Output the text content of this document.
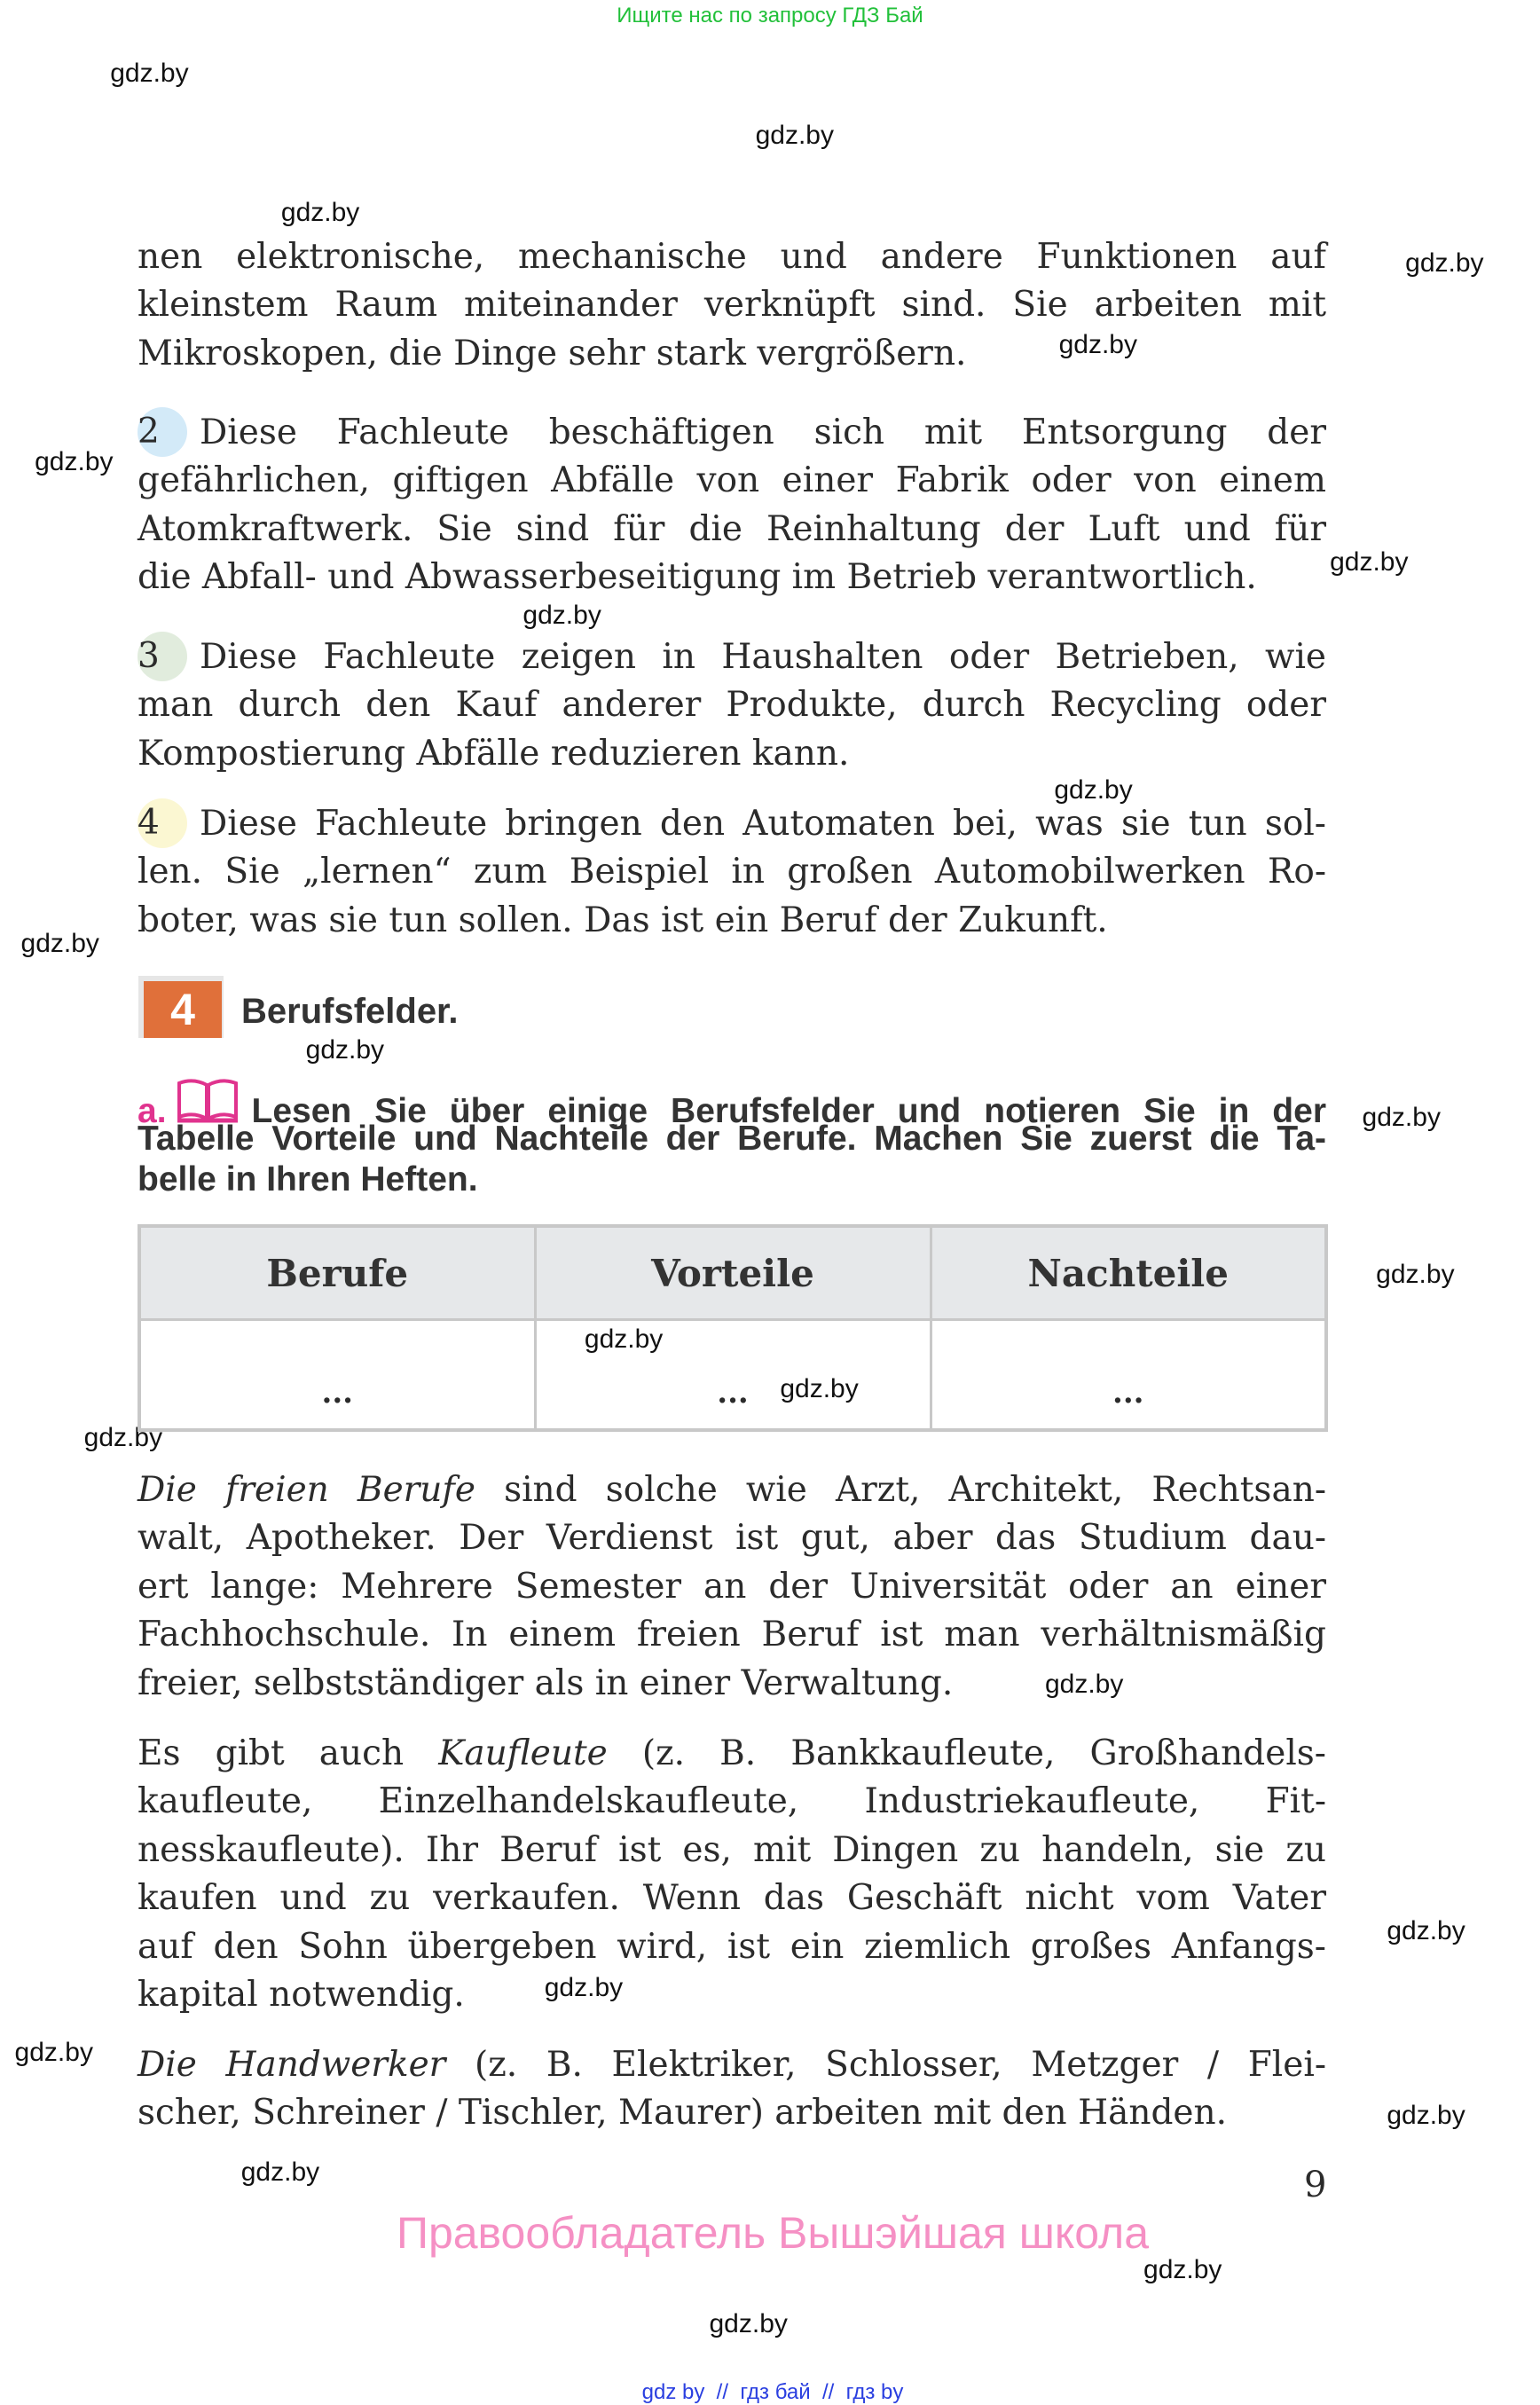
Ищите нас по запросу ГДЗ Бай
gdz.by
gdz.by
gdz.by
gdz.by
gdz.by
gdz.by
gdz.by
gdz.by
gdz.by
gdz.by
gdz.by
gdz.by
gdz.by
gdz.by
gdz.by
gdz.by
gdz.by
gdz.by
gdz.by
gdz.by
gdz.by
gdz.by
gdz.by
gdz.by
nen elektronische, mechanische und andere Funktionen auf
kleinstem Raum miteinander verknüpft sind. Sie arbeiten mit
Mikroskopen, die Dinge sehr stark vergrößern.
2 Diese Fachleute beschäftigen sich mit Entsorgung der
gefährlichen, giftigen Abfälle von einer Fabrik oder von einem
Atomkraftwerk. Sie sind für die Reinhaltung der Luft und für
die Abfall- und Abwasserbeseitigung im Betrieb verantwortlich.
3 Diese Fachleute zeigen in Haushalten oder Betrieben, wie
man durch den Kauf anderer Produkte, durch Recycling oder
Kompostierung Abfälle reduzieren kann.
4 Diese Fachleute bringen den Automaten bei, was sie tun sol-
len. Sie „lernen“ zum Beispiel in großen Automobilwerken Ro-
boter, was sie tun sollen. Das ist ein Beruf der Zukunft.
4	Berufsfelder.
a. Lesen Sie über einige Berufsfelder und notieren Sie in der
Tabelle Vorteile und Nachteile der Berufe. Machen Sie zuerst die Ta-
belle in Ihren Heften.
Berufe	Vorteile	Nachteile
...	...	...
Die freien Berufe sind solche wie Arzt, Architekt, Rechtsan-
walt, Apotheker. Der Verdienst ist gut, aber das Studium dau-
ert lange: Mehrere Semester an der Universität oder an einer
Fachhochschule. In einem freien Beruf ist man verhältnismäßig
freier, selbstständiger als in einer Verwaltung.
Es gibt auch Kaufleute (z. B. Bankkaufleute, Großhandels-
kaufleute, Einzelhandelskaufleute, Industriekaufleute, Fit-
nesskaufleute). Ihr Beruf ist es, mit Dingen zu handeln, sie zu
kaufen und zu verkaufen. Wenn das Geschäft nicht vom Vater
auf den Sohn übergeben wird, ist ein ziemlich großes Anfangs-
kapital notwendig.
Die Handwerker (z. B. Elektriker, Schlosser, Metzger / Flei-
scher, Schreiner / Tischler, Maurer) arbeiten mit den Händen.
9
Правообладатель Вышэйшая школа
gdz by  //  гдз бай  //  гдз by
